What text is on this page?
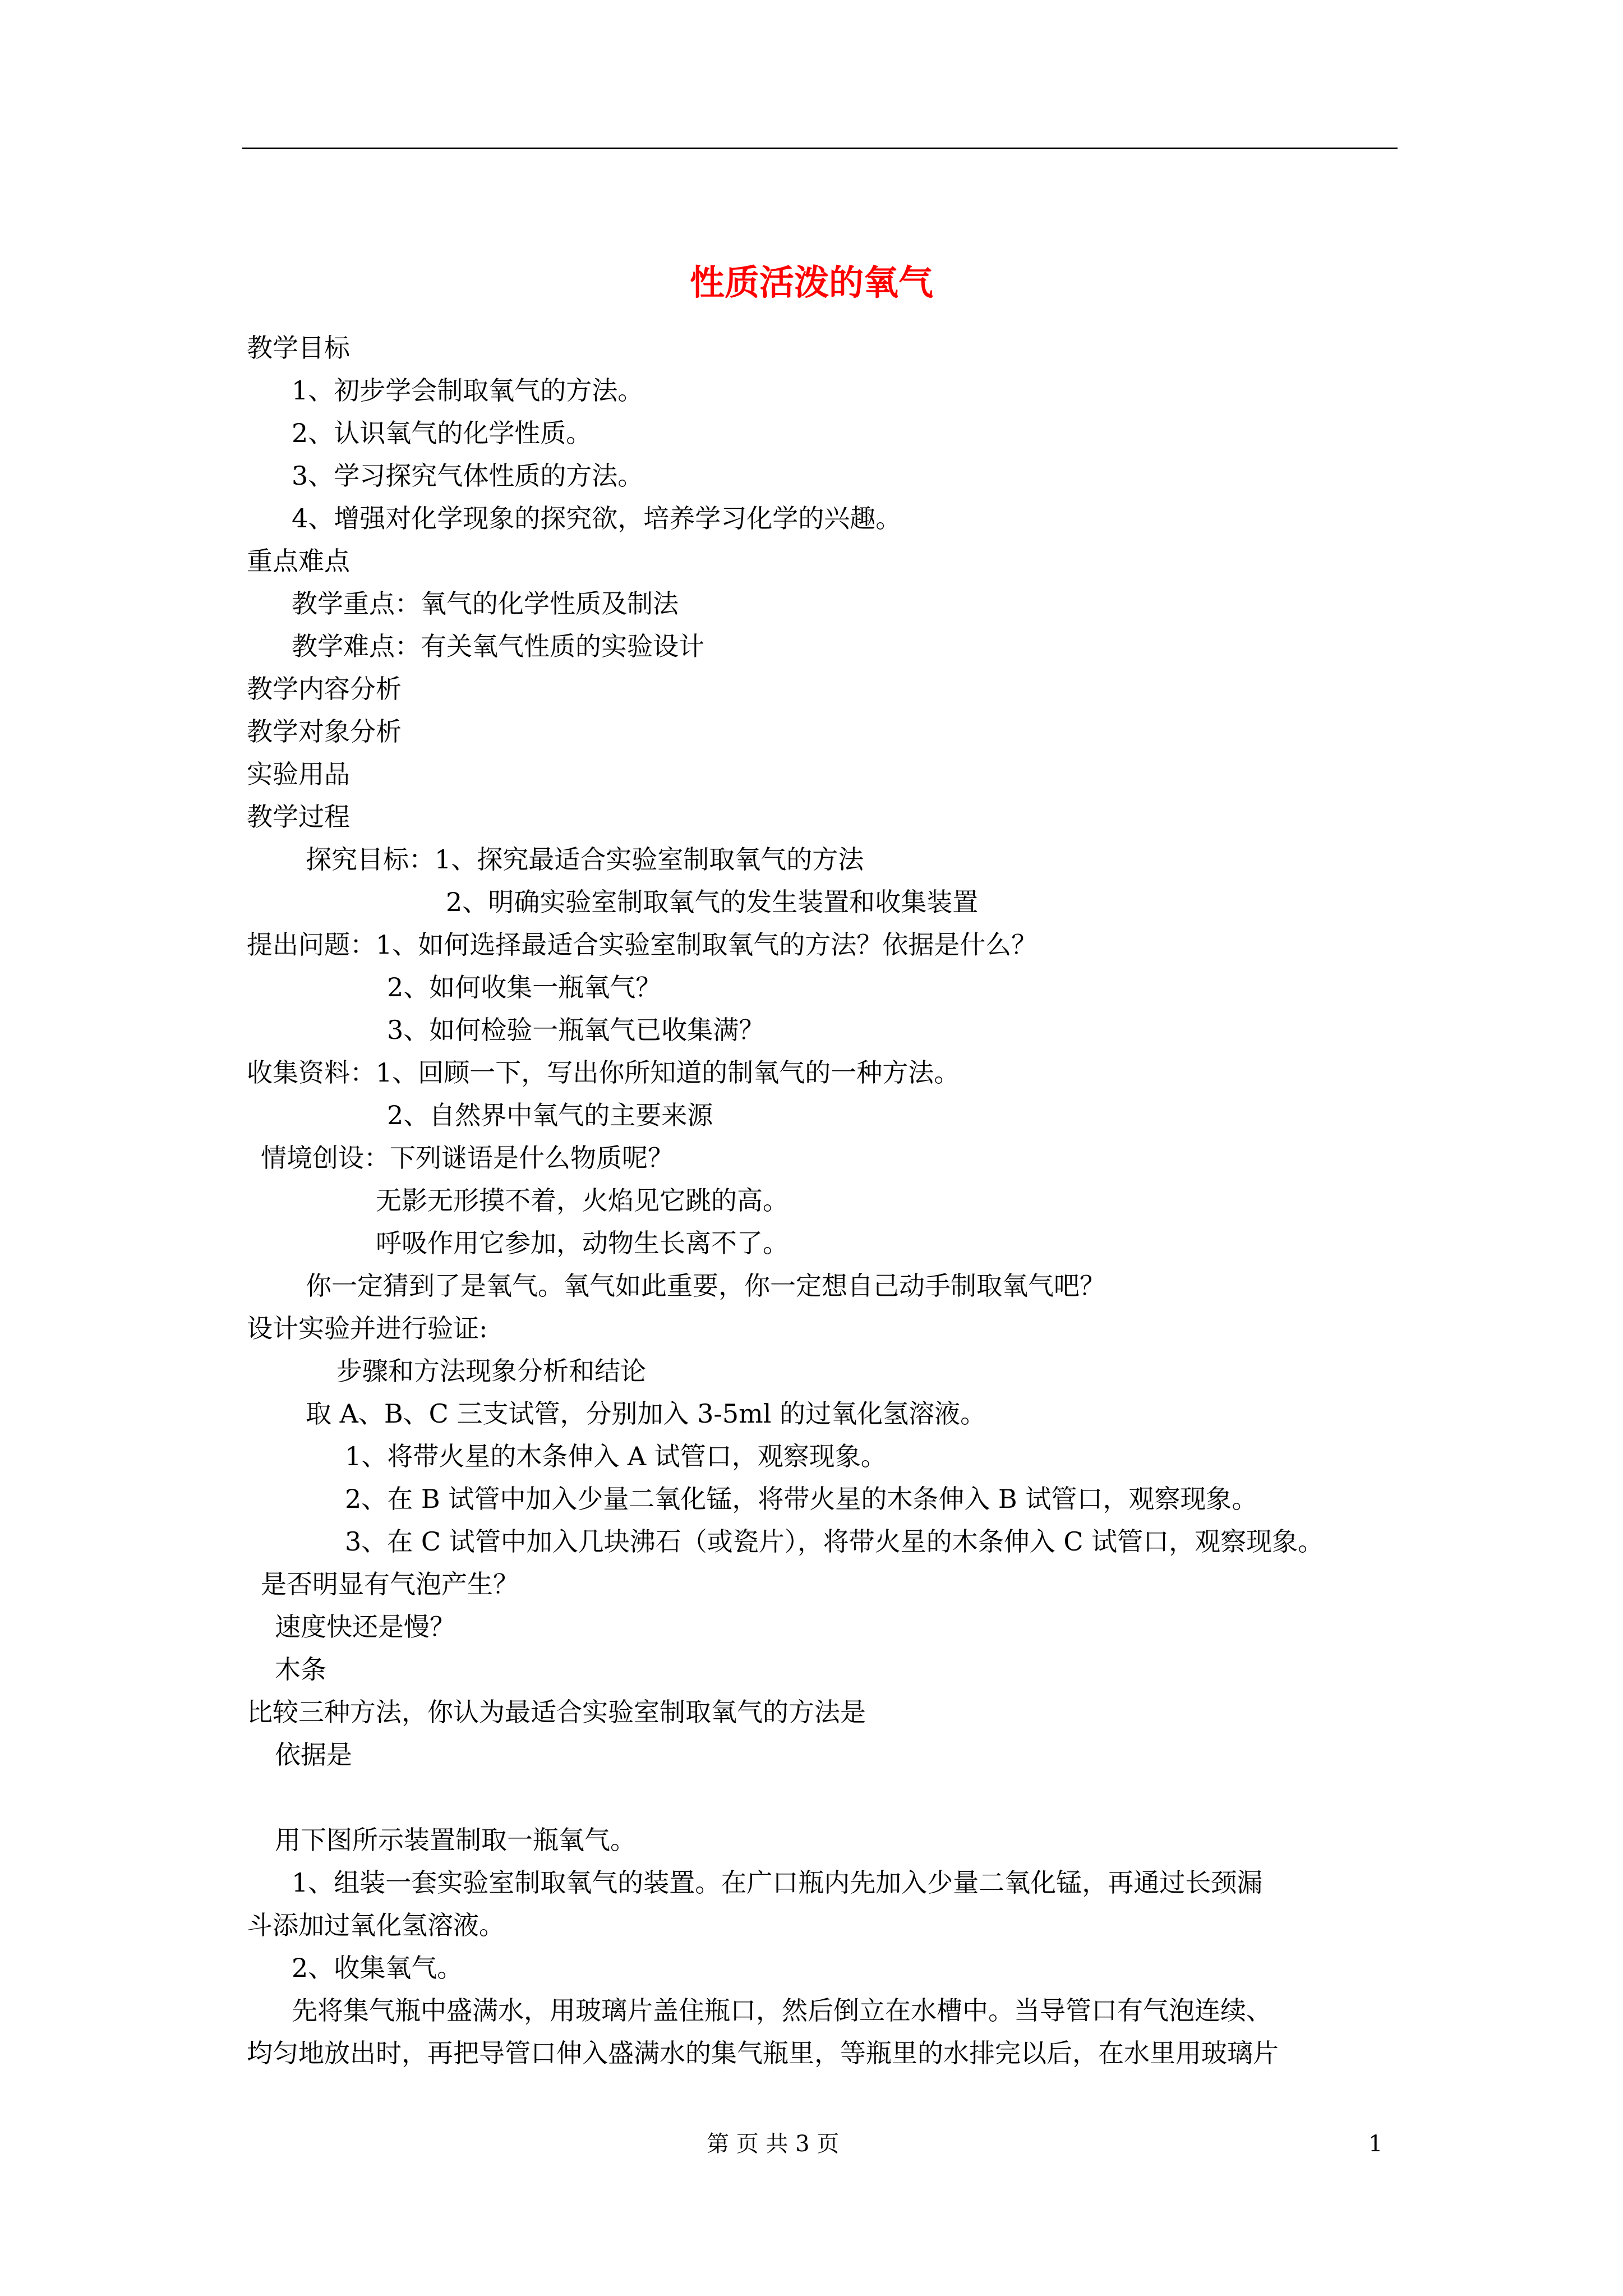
性质活泼的氧气
教学目标
1、初步学会制取氧气的方法。
2、认识氧气的化学性质。
3、学习探究气体性质的方法。
4、增强对化学现象的探究欲，培养学习化学的兴趣。
重点难点
教学重点：氧气的化学性质及制法
教学难点：有关氧气性质的实验设计
教学内容分析
教学对象分析
实验用品
教学过程
探究目标：1、探究最适合实验室制取氧气的方法
2、明确实验室制取氧气的发生装置和收集装置
提出问题：1、如何选择最适合实验室制取氧气的方法？依据是什么？
2、如何收集一瓶氧气？
3、如何检验一瓶氧气已收集满？
收集资料：1、回顾一下，写出你所知道的制氧气的一种方法。
2、自然界中氧气的主要来源
情境创设：下列谜语是什么物质呢？
无影无形摸不着，火焰见它跳的高。
呼吸作用它参加，动物生长离不了。
你一定猜到了是氧气。氧气如此重要，你一定想自己动手制取氧气吧？
设计实验并进行验证:
步骤和方法现象分析和结论
取 A、B、C 三支试管，分别加入 3-5ml 的过氧化氢溶液。
1、将带火星的木条伸入 A 试管口，观察现象。
2、在 B 试管中加入少量二氧化锰，将带火星的木条伸入 B 试管口，观察现象。
3、在 C 试管中加入几块沸石（或瓷片），将带火星的木条伸入 C 试管口，观察现象。
是否明显有气泡产生？
速度快还是慢？
木条
比较三种方法，你认为最适合实验室制取氧气的方法是
依据是
用下图所示装置制取一瓶氧气。
1、组装一套实验室制取氧气的装置。在广口瓶内先加入少量二氧化锰，再通过长颈漏
斗添加过氧化氢溶液。
2、收集氧气。
先将集气瓶中盛满水，用玻璃片盖住瓶口，然后倒立在水槽中。当导管口有气泡连续、
均匀地放出时，再把导管口伸入盛满水的集气瓶里，等瓶里的水排完以后，在水里用玻璃片
第 页 共 3 页	1
